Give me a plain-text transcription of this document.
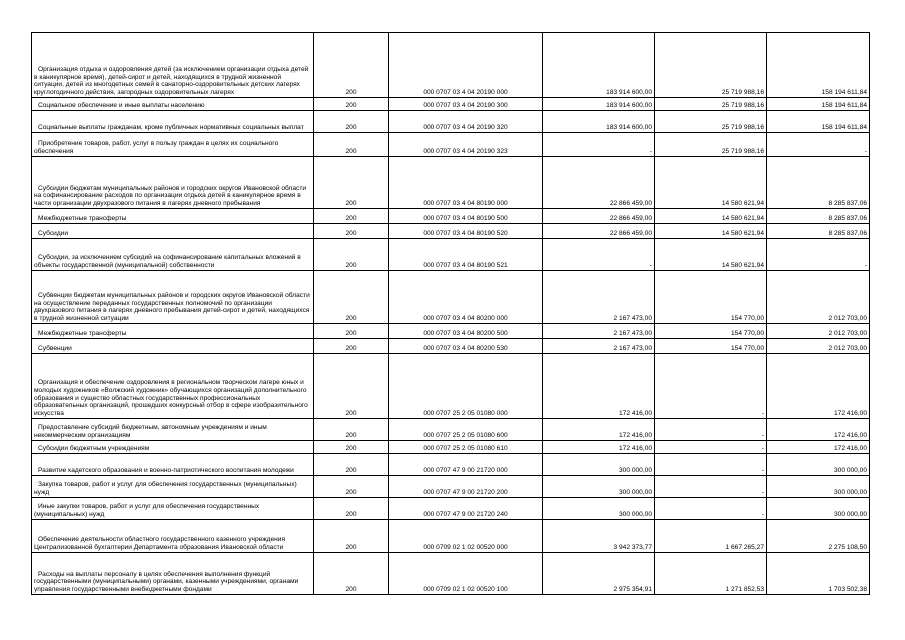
Организация отдыха и оздоровления детей (за исключением организации отдыха детей в каникулярное время), детей-сирот и детей, находящихся в трудной жизненной ситуации, детей из многодетных семей в санаторно-оздоровительных детских лагерях круглогодичного действия, загородных оздоровительных лагерях	200	000 0707 03 4 04 20190 000	183 914 600,00	25 719 988,16	158 194 611,84
Социальное обеспечение и иные выплаты населению	200	000 0707 03 4 04 20190 300	183 914 600,00	25 719 988,16	158 194 611,84
Социальные выплаты гражданам, кроме публичных нормативных социальных выплат	200	000 0707 03 4 04 20190 320	183 914 600,00	25 719 988,16	158 194 611,84
Приобретение товаров, работ, услуг в пользу граждан в целях их социального обеспечения	200	000 0707 03 4 04 20190 323	-	25 719 988,16	-
Субсидии бюджетам муниципальных районов и городских округов Ивановской области на софинансирование расходов по организации отдыха детей в каникулярное время в части организации двухразового питания в лагерях дневного пребывания	200	000 0707 03 4 04 80190 000	22 866 459,00	14 580 621,94	8 285 837,06
Межбюджетные трансферты	200	000 0707 03 4 04 80190 500	22 866 459,00	14 580 621,94	8 285 837,06
Субсидии	200	000 0707 03 4 04 80190 520	22 866 459,00	14 580 621,94	8 285 837,06
Субсидии, за исключением субсидий на софинансирование капитальных вложений в объекты государственной (муниципальной) собственности	200	000 0707 03 4 04 80190 521	-	14 580 621,94	-
Субвенции бюджетам муниципальных районов и городских округов Ивановской области на осуществление переданных государственных полномочий по организации двухразового питания в лагерях дневного пребывания детей-сирот и детей, находящихся в трудной жизненной ситуации	200	000 0707 03 4 04 80200 000	2 167 473,00	154 770,00	2 012 703,00
Межбюджетные трансферты	200	000 0707 03 4 04 80200 500	2 167 473,00	154 770,00	2 012 703,00
Субвенции	200	000 0707 03 4 04 80200 530	2 167 473,00	154 770,00	2 012 703,00
Организация и обеспечение оздоровления в региональном творческом лагере юных и молодых художников «Волжский художник» обучающихся организаций дополнительного образования и существо областных государственных профессиональных образовательных организаций, прошедших конкурсный отбор в сфере изобразительного искусства	200	000 0707 25 2 05 01080 000	172 416,00	-	172 416,00
Предоставление субсидий бюджетным, автономным учреждениям и иным некоммерческим организациям	200	000 0707 25 2 05 01080 600	172 416,00	-	172 416,00
Субсидии бюджетным учреждениям	200	000 0707 25 2 05 01080 610	172 416,00	-	172 416,00
Развитие кадетского образования и военно-патриотического воспитания молодежи	200	000 0707 47 9 00 21720 000	300 000,00	-	300 000,00
Закупка товаров, работ и услуг для обеспечения государственных (муниципальных) нужд	200	000 0707 47 9 00 21720 200	300 000,00	-	300 000,00
Иные закупки товаров, работ и услуг для обеспечения государственных (муниципальных) нужд	200	000 0707 47 9 00 21720 240	300 000,00	-	300 000,00
Обеспечение деятельности областного государственного казенного учреждения Централизованной бухгалтерии Департамента образования Ивановской области	200	000 0709 02 1 02 00520 000	3 942 373,77	1 667 265,27	2 275 108,50
Расходы на выплаты персоналу в целях обеспечения выполнения функций государственными (муниципальными) органами, казенными учреждениями, органами управления государственными внебюджетными фондами	200	000 0709 02 1 02 00520 100	2 975 354,91	1 271 852,53	1 703 502,38
